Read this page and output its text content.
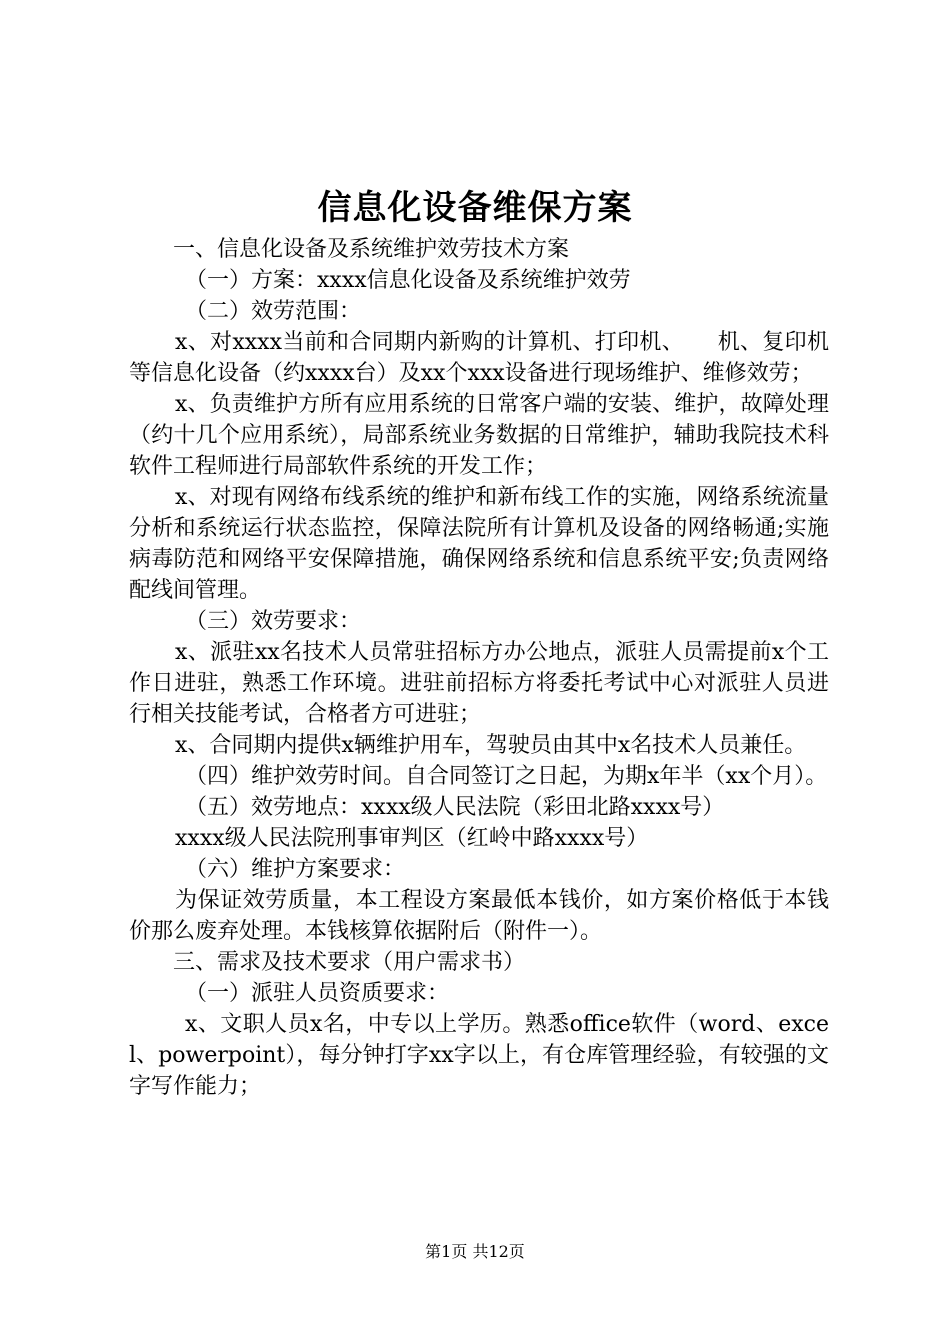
信息化设备维保方案

一、信息化设备及系统维护效劳技术方案

（一）方案：xxxx信息化设备及系统维护效劳

（二）效劳范围：

x、对xxxx当前和合同期内新购的计算机、打印机、　　机、复印机等信息化设备（约xxxx台）及xx个xxx设备进行现场维护、维修效劳；

x、负责维护方所有应用系统的日常客户端的安装、维护，故障处理（约十几个应用系统），局部系统业务数据的日常维护，辅助我院技术科软件工程师进行局部软件系统的开发工作；

x、对现有网络布线系统的维护和新布线工作的实施，网络系统流量分析和系统运行状态监控，保障法院所有计算机及设备的网络畅通;实施病毒防范和网络平安保障措施，确保网络系统和信息系统平安;负责网络配线间管理。

（三）效劳要求：

x、派驻xx名技术人员常驻招标方办公地点，派驻人员需提前x个工作日进驻，熟悉工作环境。进驻前招标方将委托考试中心对派驻人员进行相关技能考试，合格者方可进驻；

x、合同期内提供x辆维护用车，驾驶员由其中x名技术人员兼任。

（四）维护效劳时间。自合同签订之日起，为期x年半（xx个月）。

（五）效劳地点：xxxx级人民法院（彩田北路xxxx号）

xxxx级人民法院刑事审判区（红岭中路xxxx号）

（六）维护方案要求：

为保证效劳质量，本工程设方案最低本钱价，如方案价格低于本钱价那么废弃处理。本钱核算依据附后（附件一）。

三、需求及技术要求（用户需求书）

（一）派驻人员资质要求：

x、文职人员x名，中专以上学历。熟悉office软件（word、excel、powerpoint），每分钟打字xx字以上，有仓库管理经验，有较强的文字写作能力；

第1页 共12页
